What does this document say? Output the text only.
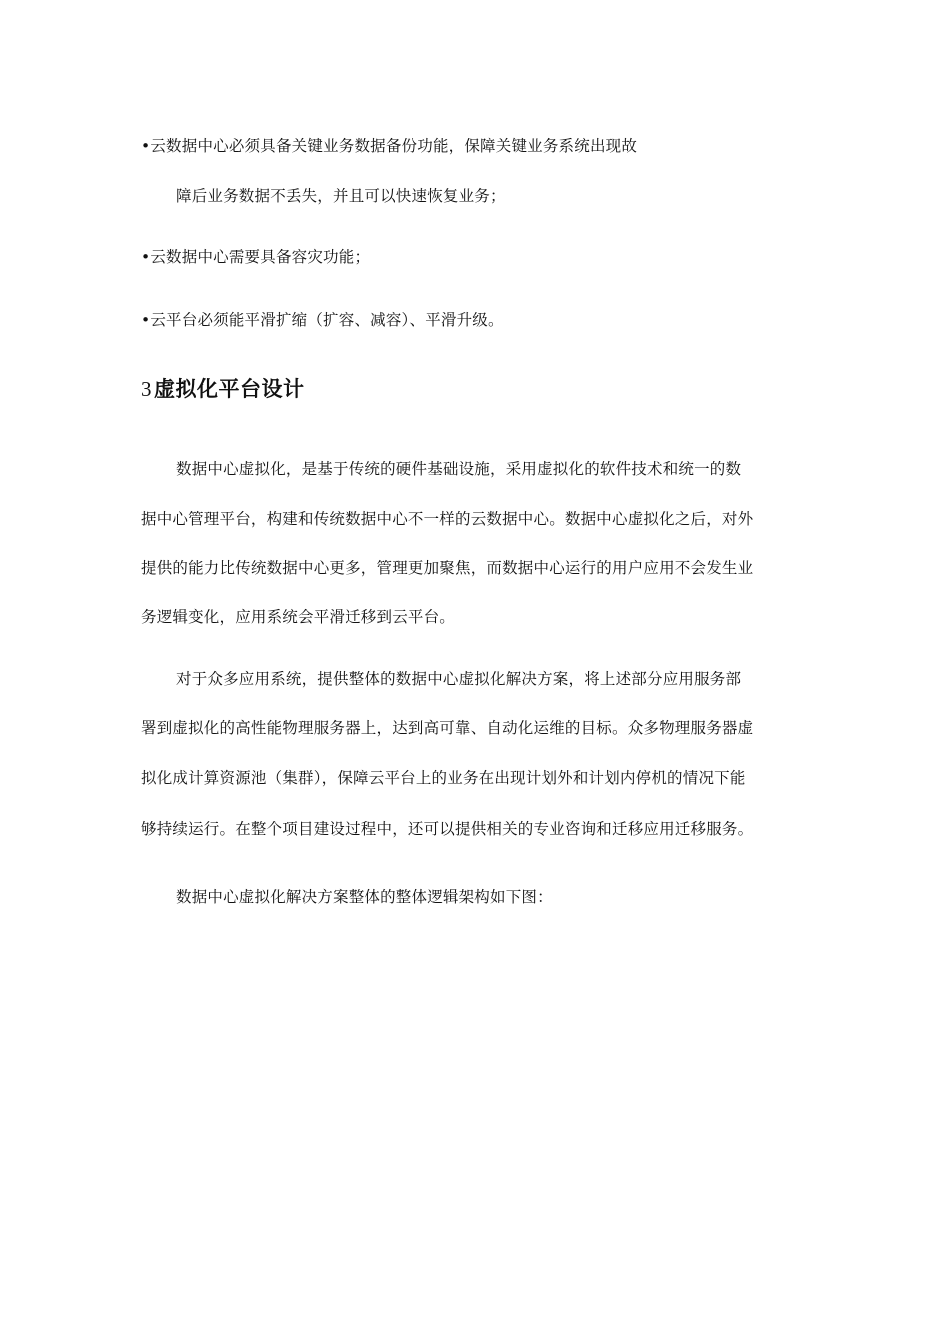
•云数据中心必须具备关键业务数据备份功能，保障关键业务系统出现故
障后业务数据不丢失，并且可以快速恢复业务；
•云数据中心需要具备容灾功能；
•云平台必须能平滑扩缩（扩容、减容）、平滑升级。
3虚拟化平台设计
数据中心虚拟化，是基于传统的硬件基础设施，采用虚拟化的软件技术和统一的数
据中心管理平台，构建和传统数据中心不一样的云数据中心。数据中心虚拟化之后，对外
提供的能力比传统数据中心更多，管理更加聚焦，而数据中心运行的用户应用不会发生业
务逻辑变化，应用系统会平滑迁移到云平台。
对于众多应用系统，提供整体的数据中心虚拟化解决方案，将上述部分应用服务部
署到虚拟化的高性能物理服务器上，达到高可靠、自动化运维的目标。众多物理服务器虚
拟化成计算资源池（集群），保障云平台上的业务在出现计划外和计划内停机的情况下能
够持续运行。在整个项目建设过程中，还可以提供相关的专业咨询和迁移应用迁移服务。
数据中心虚拟化解决方案整体的整体逻辑架构如下图：
